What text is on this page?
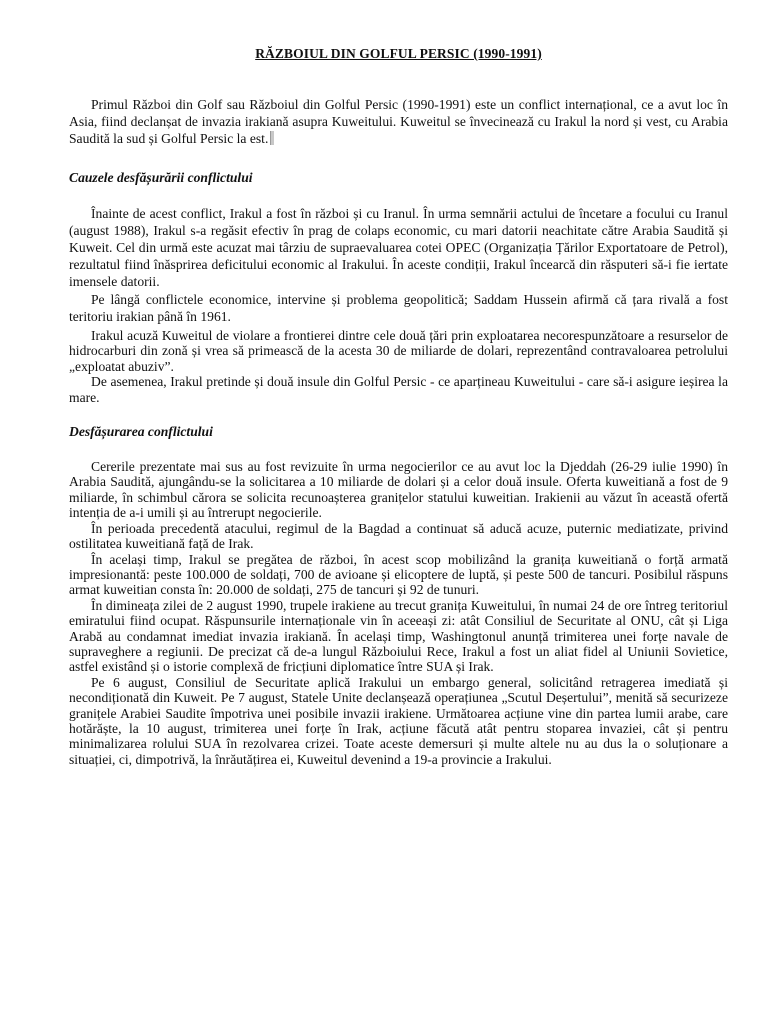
RĂZBOIUL DIN GOLFUL PERSIC (1990-1991)

Primul Război din Golf sau Războiul din Golful Persic (1990-1991) este un conflict internațional, ce a avut loc în Asia, fiind declanșat de invazia irakiană asupra Kuweitului. Kuweitul se învecinează cu Irakul la nord și vest, cu Arabia Saudită la sud și Golful Persic la est.

Cauzele desfășurării conflictului

Înainte de acest conflict, Irakul a fost în război și cu Iranul. În urma semnării actului de încetare a focului cu Iranul (august 1988), Irakul s-a regăsit efectiv în prag de colaps economic, cu mari datorii neachitate către Arabia Saudită și Kuweit. Cel din urmă este acuzat mai târziu de supraevaluarea cotei OPEC (Organizația Țărilor Exportatoare de Petrol), rezultatul fiind înăsprirea deficitului economic al Irakului. În aceste condiții, Irakul încearcă din răsputeri să-i fie iertate imensele datorii.

Pe lângă conflictele economice, intervine și problema geopolitică; Saddam Hussein afirmă că țara rivală a fost teritoriu irakian până în 1961.

Irakul acuză Kuweitul de violare a frontierei dintre cele două țări prin exploatarea necorespunzătoare a resurselor de hidrocarburi din zonă și vrea să primească de la acesta 30 de miliarde de dolari, reprezentând contravaloarea petrolului „exploatat abuziv”.

De asemenea, Irakul pretinde și două insule din Golful Persic - ce aparțineau Kuweitului - care să-i asigure ieșirea la mare.

Desfășurarea conflictului

Cererile prezentate mai sus au fost revizuite în urma negocierilor ce au avut loc la Djeddah (26-29 iulie 1990) în Arabia Saudită, ajungându-se la solicitarea a 10 miliarde de dolari și a celor două insule. Oferta kuweitiană a fost de 9 miliarde, în schimbul cărora se solicita recunoașterea granițelor statului kuweitian. Irakienii au văzut în această ofertă intenția de a-i umili și au întrerupt negocierile.

În perioada precedentă atacului, regimul de la Bagdad a continuat să aducă acuze, puternic mediatizate, privind ostilitatea kuweitiană față de Irak.

În același timp, Irakul se pregătea de război, în acest scop mobilizând la granița kuweitiană o forță armată impresionantă: peste 100.000 de soldați, 700 de avioane și elicoptere de luptă, și peste 500 de tancuri. Posibilul răspuns armat kuweitian consta în: 20.000 de soldați, 275 de tancuri și 92 de tunuri.

În dimineața zilei de 2 august 1990, trupele irakiene au trecut granița Kuweitului, în numai 24 de ore întreg teritoriul emiratului fiind ocupat. Răspunsurile internaționale vin în aceeași zi: atât Consiliul de Securitate al ONU, cât și Liga Arabă au condamnat imediat invazia irakiană. În același timp, Washingtonul anunță trimiterea unei forțe navale de supraveghere a regiunii. De precizat că de-a lungul Războiului Rece, Irakul a fost un aliat fidel al Uniunii Sovietice, astfel existând și o istorie complexă de fricțiuni diplomatice între SUA și Irak.

Pe 6 august, Consiliul de Securitate aplică Irakului un embargo general, solicitând retragerea imediată și necondiționată din Kuweit. Pe 7 august, Statele Unite declanșează operațiunea „Scutul Deșertului”, menită să securizeze granițele Arabiei Saudite împotriva unei posibile invazii irakiene. Următoarea acțiune vine din partea lumii arabe, care hotărăște, la 10 august, trimiterea unei forțe în Irak, acțiune făcută atât pentru stoparea invaziei, cât și pentru minimalizarea rolului SUA în rezolvarea crizei. Toate aceste demersuri și multe altele nu au dus la o soluționare a situației, ci, dimpotrivă, la înrăutățirea ei, Kuweitul devenind a 19-a provincie a Irakului.
